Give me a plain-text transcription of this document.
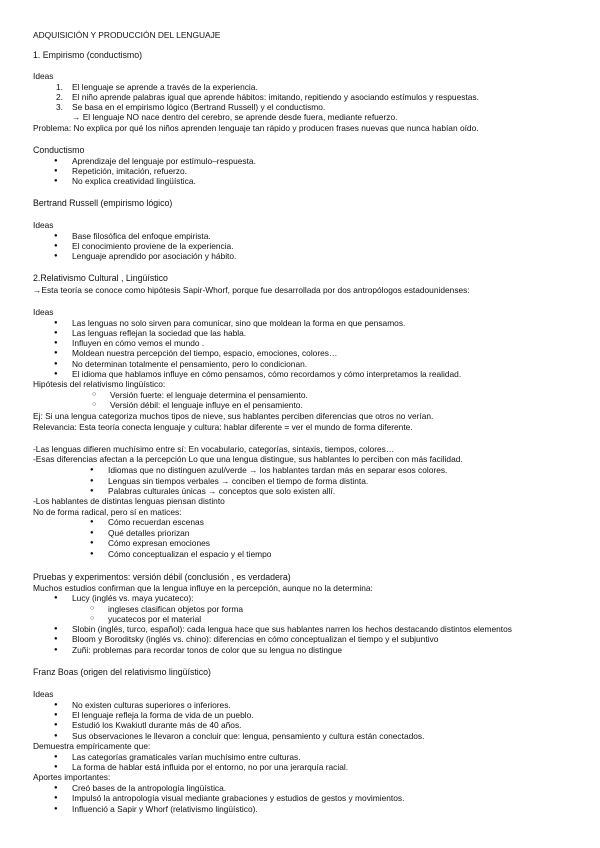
ADQUISICIÓN Y PRODUCCIÓN DEL LENGUAJE
1. Empirismo (conductismo)
Ideas
1. El lenguaje se aprende a través de la experiencia.
2. El niño aprende palabras igual que aprende hábitos: imitando, repitiendo y asociando estímulos y respuestas.
3. Se basa en el empirismo lógico (Bertrand Russell) y el conductismo.
→ El lenguaje NO nace dentro del cerebro, se aprende desde fuera, mediante refuerzo.
Problema: No explica por qué los niños aprenden lenguaje tan rápido y producen frases nuevas que nunca habían oído.
Conductismo
● Aprendizaje del lenguaje por estímulo–respuesta.
● Repetición, imitación, refuerzo.
● No explica creatividad lingüística.
Bertrand Russell (empirismo lógico)
Ideas
● Base filosófica del enfoque empirista.
● El conocimiento proviene de la experiencia.
● Lenguaje aprendido por asociación y hábito.
2.Relativismo Cultural , Lingüístico
→Esta teoría se conoce como hipótesis Sapir-Whorf, porque fue desarrollada por dos antropólogos estadounidenses:
Ideas
● Las lenguas no solo sirven para comunicar, sino que moldean la forma en que pensamos.
● Las lenguas reflejan la sociedad que las habla.
● Influyen en cómo vemos el mundo .
● Moldean nuestra percepción del tiempo, espacio, emociones, colores…
● No determinan totalmente el pensamiento, pero lo condicionan.
● El idioma que hablamos influye en cómo pensamos, cómo recordamos y cómo interpretamos la realidad.
Hipótesis del relativismo lingüístico:
○ Versión fuerte: el lenguaje determina el pensamiento.
○ Versión débil: el lenguaje influye en el pensamiento.
Ej: Si una lengua categoriza muchos tipos de nieve, sus hablantes perciben diferencias que otros no verían.
Relevancia: Esta teoría conecta lenguaje y cultura: hablar diferente = ver el mundo de forma diferente.
-Las lenguas difieren muchísimo entre sí: En vocabulario, categorías, sintaxis, tiempos, colores…
-Esas diferencias afectan a la percepción Lo que una lengua distingue, sus hablantes lo perciben con más facilidad.
● Idiomas que no distinguen azul/verde → los hablantes tardan más en separar esos colores.
● Lenguas sin tiempos verbales → conciben el tiempo de forma distinta.
● Palabras culturales únicas → conceptos que solo existen allí.
-Los hablantes de distintas lenguas piensan distinto
No de forma radical, pero sí en matices:
● Cómo recuerdan escenas
● Qué detalles priorizan
● Cómo expresan emociones
● Cómo conceptualizan el espacio y el tiempo
Pruebas y experimentos: versión débil (conclusión , es verdadera)
Muchos estudios confirman que la lengua influye en la percepción, aunque no la determina:
● Lucy (inglés vs. maya yucateco):
○ ingleses clasifican objetos por forma
○ yucatecos por el material
● Slobin (inglés, turco, español): cada lengua hace que sus hablantes narren los hechos destacando distintos elementos
● Bloom y Boroditsky (inglés vs. chino): diferencias en cómo conceptualizan el tiempo y el subjuntivo
● Zuñi: problemas para recordar tonos de color que su lengua no distingue
Franz Boas (origen del relativismo lingüístico)
Ideas
● No existen culturas superiores o inferiores.
● El lenguaje refleja la forma de vida de un pueblo.
● Estudió los Kwakiutl durante más de 40 años.
● Sus observaciones le llevaron a concluir que: lengua, pensamiento y cultura están conectados.
Demuestra empíricamente que:
● Las categorías gramaticales varían muchísimo entre culturas.
● La forma de hablar está influida por el entorno, no por una jerarquía racial.
Aportes importantes:
● Creó bases de la antropología lingüística.
● Impulsó la antropología visual mediante grabaciones y estudios de gestos y movimientos.
● Influenció a Sapir y Whorf (relativismo lingüístico).
